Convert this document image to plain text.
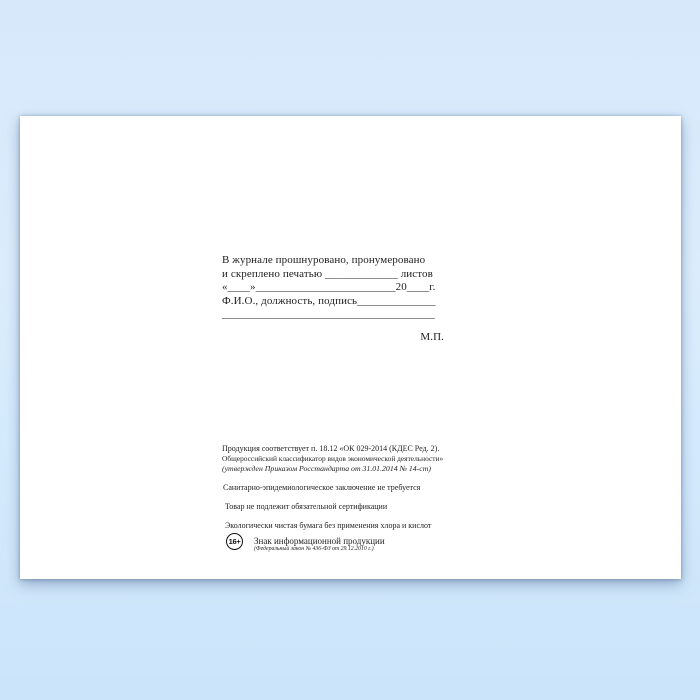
В журнале прошнуровано, пронумеровано
и скреплено печатью _____________ листов
«____»_________________________20____г.
Ф.И.О., должность, подпись______________
______________________________________
М.П.
Продукция соответствует п. 18.12 «ОК 029-2014 (КДЕС Ред. 2).
Общероссийский классификатор видов экономической деятельности»
(утвержден Приказом Росстандарта от 31.01.2014 № 14-ст)
Санитарно-эпидемиологическое заключение не требуется
Товар не подлежит обязательной сертификации
Экологически чистая бумага без применения хлора и кислот
16+ Знак информационной продукции
(Федеральный закон № 436-ФЗ от 29.12.2010 г.)
